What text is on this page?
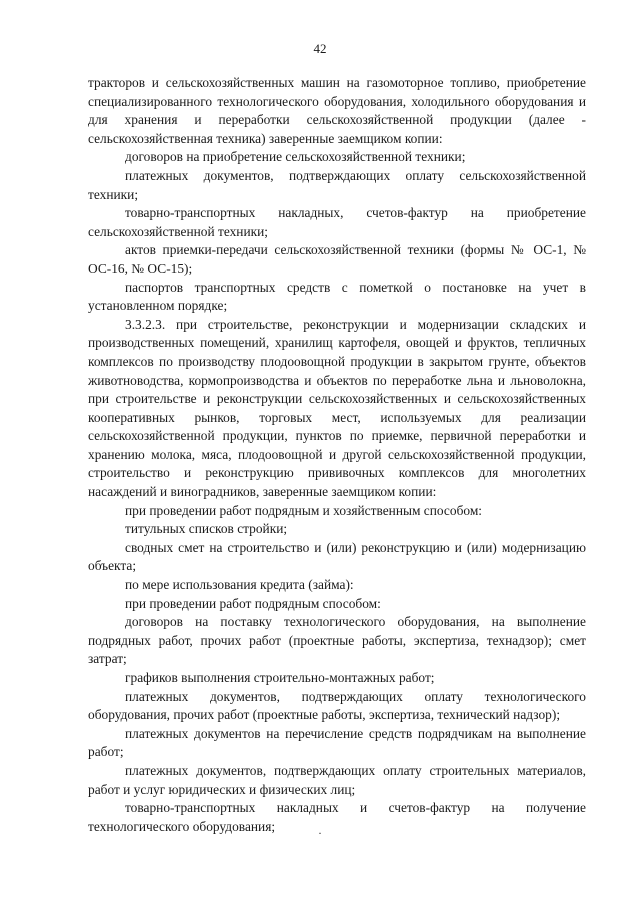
42

тракторов и сельскохозяйственных машин на газомоторное топливо, приобретение специализированного технологического оборудования, холодильного оборудования и для хранения и переработки сельскохозяйственной продукции (далее - сельскохозяйственная техника) заверенные заемщиком копии:

договоров на приобретение сельскохозяйственной техники;

платежных документов, подтверждающих оплату сельскохозяйственной техники;

товарно-транспортных накладных, счетов-фактур на приобретение сельскохозяйственной техники;

актов приемки-передачи сельскохозяйственной техники (формы № ОС-1, № ОС-16, № ОС-15);

паспортов транспортных средств с пометкой о постановке на учет в установленном порядке;

3.3.2.3. при строительстве, реконструкции и модернизации складских и производственных помещений, хранилищ картофеля, овощей и фруктов, тепличных комплексов по производству плодоовощной продукции в закрытом грунте, объектов животноводства, кормопроизводства и объектов по переработке льна и льноволокна, при строительстве и реконструкции сельскохозяйственных и сельскохозяйственных кооперативных рынков, торговых мест, используемых для реализации сельскохозяйственной продукции, пунктов по приемке, первичной переработки и хранению молока, мяса, плодоовощной и другой сельскохозяйственной продукции, строительство и реконструкцию прививочных комплексов для многолетних насаждений и виноградников, заверенные заемщиком копии:

при проведении работ подрядным и хозяйственным способом:

титульных списков стройки;

сводных смет на строительство и (или) реконструкцию и (или) модернизацию объекта;

по мере использования кредита (займа):

при проведении работ подрядным способом:

договоров на поставку технологического оборудования, на выполнение подрядных работ, прочих работ (проектные работы, экспертиза, технадзор); смет затрат;

графиков выполнения строительно-монтажных работ;

платежных документов, подтверждающих оплату технологического оборудования, прочих работ (проектные работы, экспертиза, технический надзор);

платежных документов на перечисление средств подрядчикам на выполнение работ;

платежных документов, подтверждающих оплату строительных материалов, работ и услуг юридических и физических лиц;

товарно-транспортных накладных и счетов-фактур на получение технологического оборудования;	·
